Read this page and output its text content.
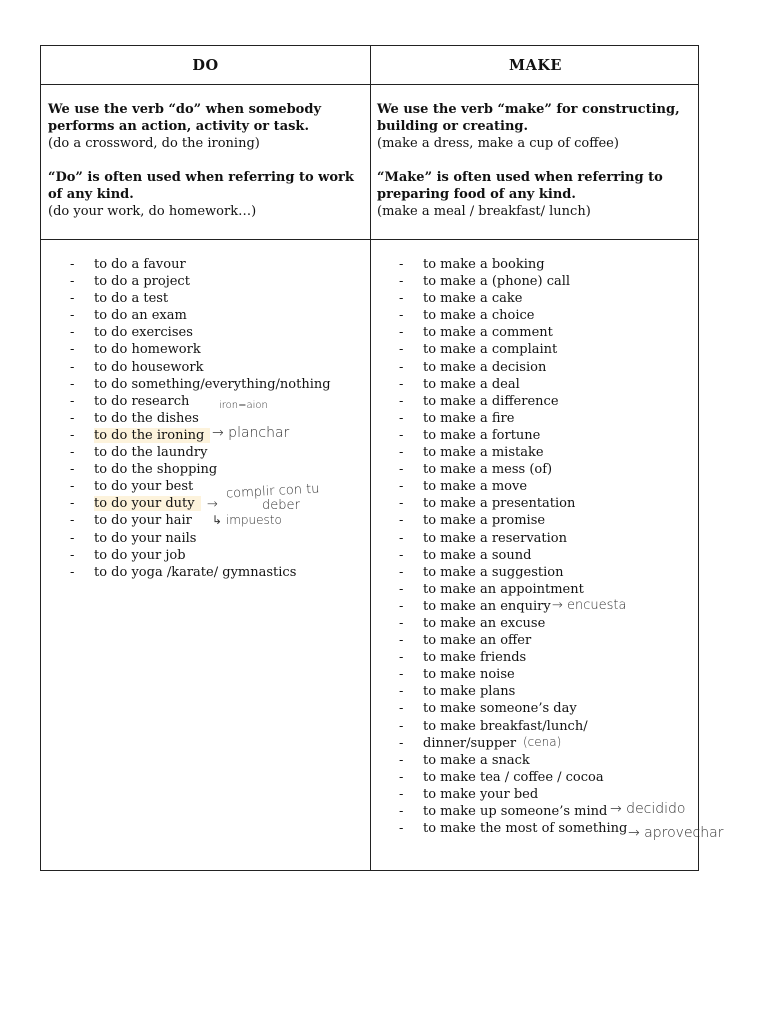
DO	MAKE

We use the verb “do” when somebody performs an action, activity or task.

(do a crossword, do the ironing)

“Do” is often used when referring to work of any kind.

(do your work, do homework…)

We use the verb “make” for constructing, building or creating.

(make a dress, make a cup of coffee)

“Make” is often used when referring to preparing food of any kind.

(make a meal / breakfast/ lunch)

- to do a favour
- to do a project
- to do a test
- to do an exam
- to do exercises
- to do homework
- to do housework
- to do something/everything/nothing
- to do research
- to do the dishes
- to do the ironing
- to do the laundry
- to do the shopping
- to do your best
- to do your duty
- to do your hair
- to do your nails
- to do your job
- to do yoga /karate/ gymnastics
- to make a booking
- to make a (phone) call
- to make a cake
- to make a choice
- to make a comment
- to make a complaint
- to make a decision
- to make a deal
- to make a difference
- to make a fire
- to make a fortune
- to make a mistake
- to make a mess (of)
- to make a move
- to make a presentation
- to make a promise
- to make a reservation
- to make a sound
- to make a suggestion
- to make an appointment
- to make an enquiry
- to make an excuse
- to make an offer
- to make friends
- to make noise
- to make plans
- to make someone’s day
- to make breakfast/lunch/
- dinner/supper
- to make a snack
- to make tea / coffee / cocoa
- to make your bed
- to make up someone’s mind
- to make the most of something
iron=aion
→ planchar
complir con tu
deber
→
↳ impuesto
→ encuesta
(cena)
→ decidido
→ aprovechar
